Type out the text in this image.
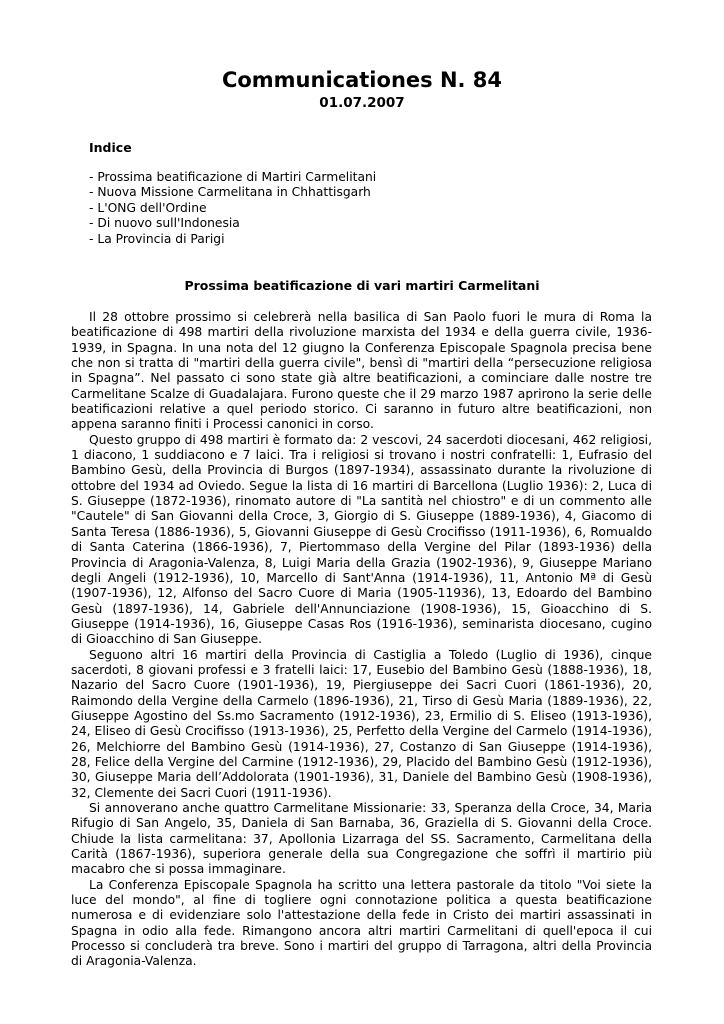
Communicationes N. 84
01.07.2007
Indice
- Prossima beatificazione di Martiri Carmelitani
- Nuova Missione Carmelitana in Chhattisgarh
- L'ONG dell'Ordine
- Di nuovo sull'Indonesia
- La Provincia di Parigi
Prossima beatificazione di vari martiri Carmelitani

Il 28 ottobre prossimo si celebrerà nella basilica di San Paolo fuori le mura di Roma la beatificazione di 498 martiri della rivoluzione marxista del 1934 e della guerra civile, 1936-1939, in Spagna. In una nota del 12 giugno la Conferenza Episcopale Spagnola precisa bene che non si tratta di "martiri della guerra civile", bensì di "martiri della “persecuzione religiosa in Spagna”. Nel passato ci sono state già altre beatificazioni, a cominciare dalle nostre tre Carmelitane Scalze di Guadalajara. Furono queste che il 29 marzo 1987 aprirono la serie delle beatificazioni relative a quel periodo storico. Ci saranno in futuro altre beatificazioni, non appena saranno finiti i Processi canonici in corso.

Questo gruppo di 498 martiri è formato da: 2 vescovi, 24 sacerdoti diocesani, 462 religiosi, 1 diacono, 1 suddiacono e 7 laici. Tra i religiosi si trovano i nostri confratelli: 1, Eufrasio del Bambino Gesù, della Provincia di Burgos (1897-1934), assassinato durante la rivoluzione di ottobre del 1934 ad Oviedo. Segue la lista di 16 martiri di Barcellona (Luglio 1936): 2, Luca di S. Giuseppe (1872-1936), rinomato autore di "La santità nel chiostro" e di un commento alle "Cautele" di San Giovanni della Croce, 3, Giorgio di S. Giuseppe (1889-1936), 4, Giacomo di Santa Teresa (1886-1936), 5, Giovanni Giuseppe di Gesù Crocifisso (1911-1936), 6, Romualdo di Santa Caterina (1866-1936), 7, Piertommaso della Vergine del Pilar (1893-1936) della Provincia di Aragonia-Valenza, 8, Luigi Maria della Grazia (1902-1936), 9, Giuseppe Mariano degli Angeli (1912-1936), 10, Marcello di Sant'Anna (1914-1936), 11, Antonio Mª di Gesù (1907-1936), 12, Alfonso del Sacro Cuore di Maria (1905-11936), 13, Edoardo del Bambino Gesù (1897-1936), 14, Gabriele dell'Annunciazione (1908-1936), 15, Gioacchino di S. Giuseppe (1914-1936), 16, Giuseppe Casas Ros (1916-1936), seminarista diocesano, cugino di Gioacchino di San Giuseppe.

Seguono altri 16 martiri della Provincia di Castiglia a Toledo (Luglio di 1936), cinque sacerdoti, 8 giovani professi e 3 fratelli laici: 17, Eusebio del Bambino Gesù (1888-1936), 18, Nazario del Sacro Cuore (1901-1936), 19, Piergiuseppe dei Sacri Cuori (1861-1936), 20, Raimondo della Vergine della Carmelo (1896-1936), 21, Tirso di Gesù Maria (1889-1936), 22, Giuseppe Agostino del Ss.mo Sacramento (1912-1936), 23, Ermilio di S. Eliseo (1913-1936), 24, Eliseo di Gesù Crocifisso (1913-1936), 25, Perfetto della Vergine del Carmelo (1914-1936), 26, Melchiorre del Bambino Gesù (1914-1936), 27, Costanzo di San Giuseppe (1914-1936), 28, Felice della Vergine del Carmine (1912-1936), 29, Placido del Bambino Gesù (1912-1936), 30, Giuseppe Maria dell’Addolorata (1901-1936), 31, Daniele del Bambino Gesù (1908-1936), 32, Clemente dei Sacri Cuori (1911-1936).

Si annoverano anche quattro Carmelitane Missionarie: 33, Speranza della Croce, 34, Maria Rifugio di San Angelo, 35, Daniela di San Barnaba, 36, Graziella di S. Giovanni della Croce. Chiude la lista carmelitana: 37, Apollonia Lizarraga del SS. Sacramento, Carmelitana della Carità (1867-1936), superiora generale della sua Congregazione che soffrì il martirio più macabro che si possa immaginare.

La Conferenza Episcopale Spagnola ha scritto una lettera pastorale da titolo "Voi siete la luce del mondo", al fine di togliere ogni connotazione politica a questa beatificazione numerosa e di evidenziare solo l'attestazione della fede in Cristo dei martiri assassinati in Spagna in odio alla fede. Rimangono ancora altri martiri Carmelitani di quell'epoca il cui Processo si concluderà tra breve. Sono i martiri del gruppo di Tarragona, altri della Provincia di Aragonia-Valenza.
